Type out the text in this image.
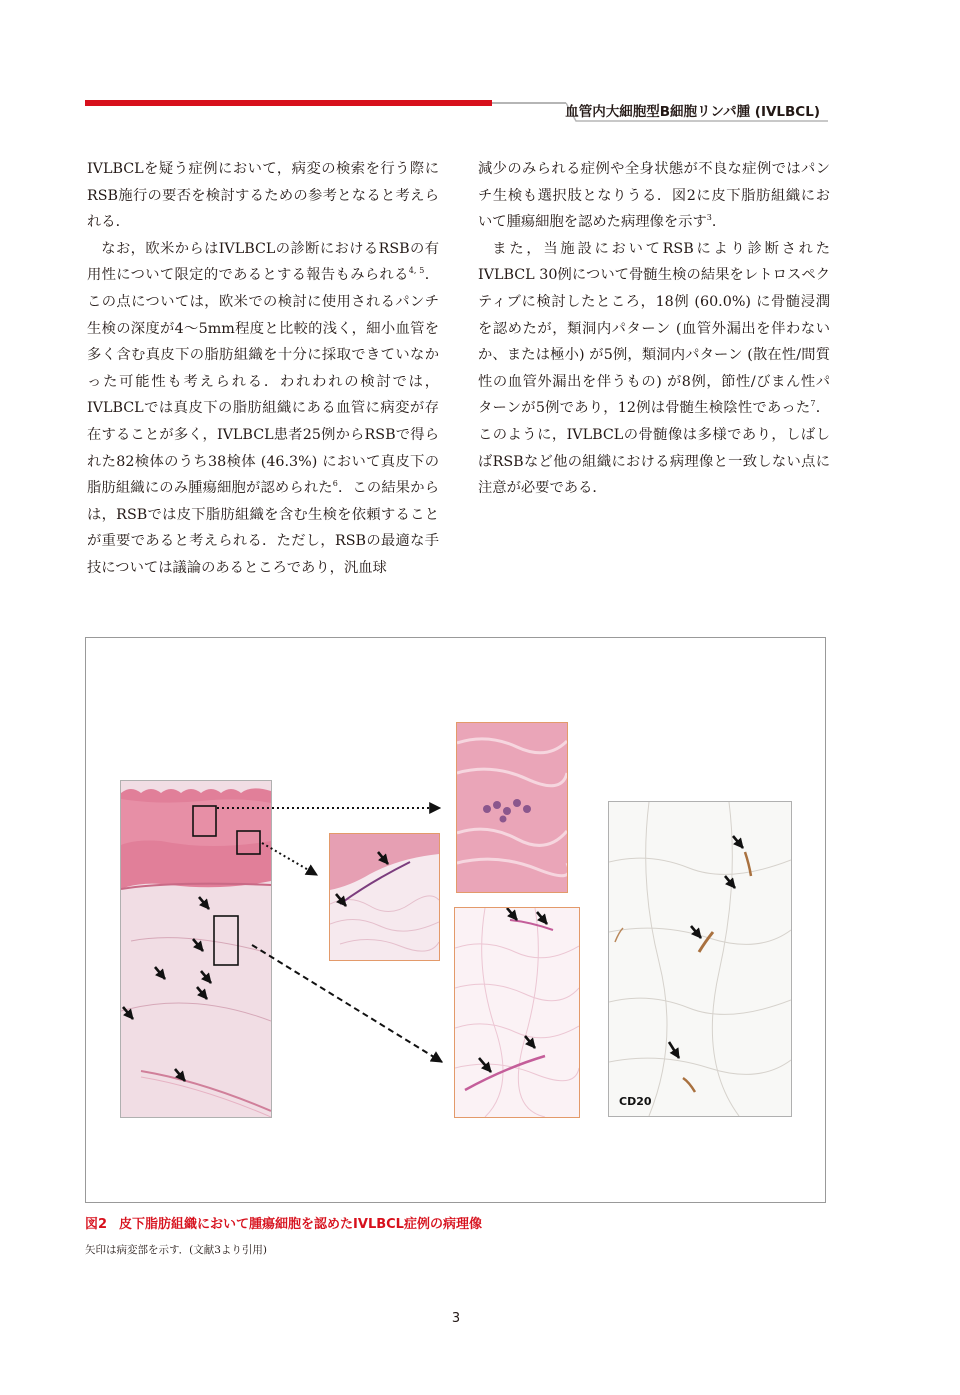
血管内大細胞型B細胞リンパ腫 (IVLBCL)

IVLBCLを疑う症例において，病変の検索を行う際にRSB施行の要否を検討するための参考となると考えられる．

なお，欧米からはIVLBCLの診断におけるRSBの有用性について限定的であるとする報告もみられる$^{4, 5}$．この点については，欧米での検討に使用されるパンチ生検の深度が4～5mm程度と比較的浅く，細小血管を多く含む真皮下の脂肪組織を十分に採取できていなかった可能性も考えられる．われわれの検討では，IVLBCLでは真皮下の脂肪組織にある血管に病変が存在することが多く，IVLBCL患者25例からRSBで得られた82検体のうち38検体 (46.3%) において真皮下の脂肪組織にのみ腫瘍細胞が認められた$^6$．この結果からは，RSBでは皮下脂肪組織を含む生検を依頼することが重要であると考えられる．ただし，RSBの最適な手技については議論のあるところであり，汎血球

減少のみられる症例や全身状態が不良な症例ではパンチ生検も選択肢となりうる．図2に皮下脂肪組織において腫瘍細胞を認めた病理像を示す$^3$．

また，当施設においてRSBにより診断されたIVLBCL 30例について骨髄生検の結果をレトロスペクティブに検討したところ，18例 (60.0%) に骨髄浸潤を認めたが，類洞内パターン (血管外漏出を伴わないか、または極小) が5例，類洞内パターン (散在性/間質性の血管外漏出を伴うもの) が8例，節性/びまん性パターンが5例であり，12例は骨髄生検陰性であった$^7$．このように，IVLBCLの骨髄像は多様であり，しばしばRSBなど他の組織における病理像と一致しない点に注意が必要である．

CD20
図2 皮下脂肪組織において腫瘍細胞を認めたIVLBCL症例の病理像
矢印は病変部を示す．(文献3より引用)
3
